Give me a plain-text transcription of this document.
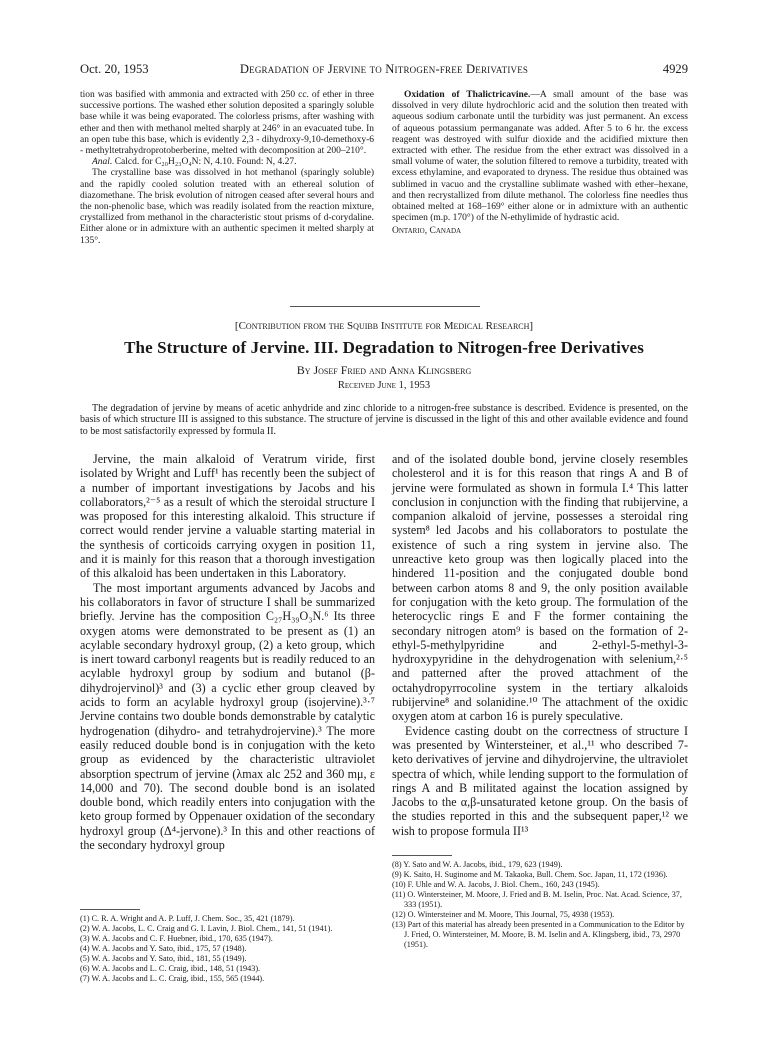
Oct. 20, 1953	Degradation of Jervine to Nitrogen-free Derivatives	4929

tion was basified with ammonia and extracted with 250 cc. of ether in three successive portions. The washed ether solution deposited a sparingly soluble base while it was being evaporated. The colorless prisms, after washing with ether and then with methanol melted sharply at 246° in an evacuated tube. In an open tube this base, which is evidently 2,3 - dihydroxy-9,10-demethoxy-6 - methyltetrahydroprotoberberine, melted with decomposition at 200–210°.

Anal. Calcd. for C₂₀H₂₃O₄N: N, 4.10. Found: N, 4.27.

The crystalline base was dissolved in hot methanol (sparingly soluble) and the rapidly cooled solution treated with an ethereal solution of diazomethane. The brisk evolution of nitrogen ceased after several hours and the non-phenolic base, which was readily isolated from the reaction mixture, crystallized from methanol in the characteristic stout prisms of d-corydaline. Either alone or in admixture with an authentic specimen it melted sharply at 135°.

Oxidation of Thalictricavine.—A small amount of the base was dissolved in very dilute hydrochloric acid and the solution then treated with aqueous sodium carbonate until the turbidity was just permanent. An excess of aqueous potassium permanganate was added. After 5 to 6 hr. the excess reagent was destroyed with sulfur dioxide and the acidified mixture then extracted with ether. The residue from the ether extract was dissolved in a small volume of water, the solution filtered to remove a turbidity, treated with excess ethylamine, and evaporated to dryness. The residue thus obtained was sublimed in vacuo and the crystalline sublimate washed with ether–hexane, and then recrystallized from dilute methanol. The colorless fine needles thus obtained melted at 168–169° either alone or in admixture with an authentic specimen (m.p. 170°) of the N-ethylimide of hydrastic acid.

Ontario, Canada

[Contribution from the Squibb Institute for Medical Research]
The Structure of Jervine. III. Degradation to Nitrogen-free Derivatives
By Josef Fried and Anna Klingsberg
Received June 1, 1953

The degradation of jervine by means of acetic anhydride and zinc chloride to a nitrogen-free substance is described. Evidence is presented, on the basis of which structure III is assigned to this substance. The structure of jervine is discussed in the light of this and other available evidence and found to be most satisfactorily expressed by formula II.

Jervine, the main alkaloid of Veratrum viride, first isolated by Wright and Luff¹ has recently been the subject of a number of important investigations by Jacobs and his collaborators,²⁻⁵ as a result of which the steroidal structure I was proposed for this interesting alkaloid. This structure if correct would render jervine a valuable starting material in the synthesis of corticoids carrying oxygen in position 11, and it is mainly for this reason that a thorough investigation of this alkaloid has been undertaken in this Laboratory.

The most important arguments advanced by Jacobs and his collaborators in favor of structure I shall be summarized briefly. Jervine has the composition C₂₇H₃₉O₃N.⁶ Its three oxygen atoms were demonstrated to be present as (1) an acylable secondary hydroxyl group, (2) a keto group, which is inert toward carbonyl reagents but is readily reduced to an acylable hydroxyl group by sodium and butanol (β-dihydrojervinol)³ and (3) a cyclic ether group cleaved by acids to form an acylable hydroxyl group (isojervine).³·⁷ Jervine contains two double bonds demonstrable by catalytic hydrogenation (dihydro- and tetrahydrojervine).³ The more easily reduced double bond is in conjugation with the keto group as evidenced by the characteristic ultraviolet absorption spectrum of jervine (λmax alc 252 and 360 mμ, ε 14,000 and 70). The second double bond is an isolated double bond, which readily enters into conjugation with the keto group formed by Oppenauer oxidation of the secondary hydroxyl group (Δ⁴-jervone).³ In this and other reactions of the secondary hydroxyl group

and of the isolated double bond, jervine closely resembles cholesterol and it is for this reason that rings A and B of jervine were formulated as shown in formula I.⁴ This latter conclusion in conjunction with the finding that rubijervine, a companion alkaloid of jervine, possesses a steroidal ring system⁸ led Jacobs and his collaborators to postulate the existence of such a ring system in jervine also. The unreactive keto group was then logically placed into the hindered 11-position and the conjugated double bond between carbon atoms 8 and 9, the only position available for conjugation with the keto group. The formulation of the heterocyclic rings E and F the former containing the secondary nitrogen atom⁹ is based on the formation of 2-ethyl-5-methylpyridine and 2-ethyl-5-methyl-3-hydroxypyridine in the dehydrogenation with selenium,²·⁵ and patterned after the proved attachment of the octahydropyrrocoline system in the tertiary alkaloids rubijervine⁸ and solanidine.¹⁰ The attachment of the oxidic oxygen atom at carbon 16 is purely speculative.

Evidence casting doubt on the correctness of structure I was presented by Wintersteiner, et al.,¹¹ who described 7-keto derivatives of jervine and dihydrojervine, the ultraviolet spectra of which, while lending support to the formulation of rings A and B militated against the location assigned by Jacobs to the α,β-unsaturated ketone group. On the basis of the studies reported in this and the subsequent paper,¹² we wish to propose formula II¹³

(1) C. R. A. Wright and A. P. Luff, J. Chem. Soc., 35, 421 (1879).

(2) W. A. Jacobs, L. C. Craig and G. I. Lavin, J. Biol. Chem., 141, 51 (1941).

(3) W. A. Jacobs and C. F. Huebner, ibid., 170, 635 (1947).

(4) W. A. Jacobs and Y. Sato, ibid., 175, 57 (1948).

(5) W. A. Jacobs and Y. Sato, ibid., 181, 55 (1949).

(6) W. A. Jacobs and L. C. Craig, ibid., 148, 51 (1943).

(7) W. A. Jacobs and L. C. Craig, ibid., 155, 565 (1944).

(8) Y. Sato and W. A. Jacobs, ibid., 179, 623 (1949).

(9) K. Saito, H. Suginome and M. Takaoka, Bull. Chem. Soc. Japan, 11, 172 (1936).

(10) F. Uhle and W. A. Jacobs, J. Biol. Chem., 160, 243 (1945).

(11) O. Wintersteiner, M. Moore, J. Fried and B. M. Iselin, Proc. Nat. Acad. Science, 37, 333 (1951).

(12) O. Wintersteiner and M. Moore, This Journal, 75, 4938 (1953).

(13) Part of this material has already been presented in a Communication to the Editor by J. Fried, O. Wintersteiner, M. Moore, B. M. Iselin and A. Klingsberg, ibid., 73, 2970 (1951).
